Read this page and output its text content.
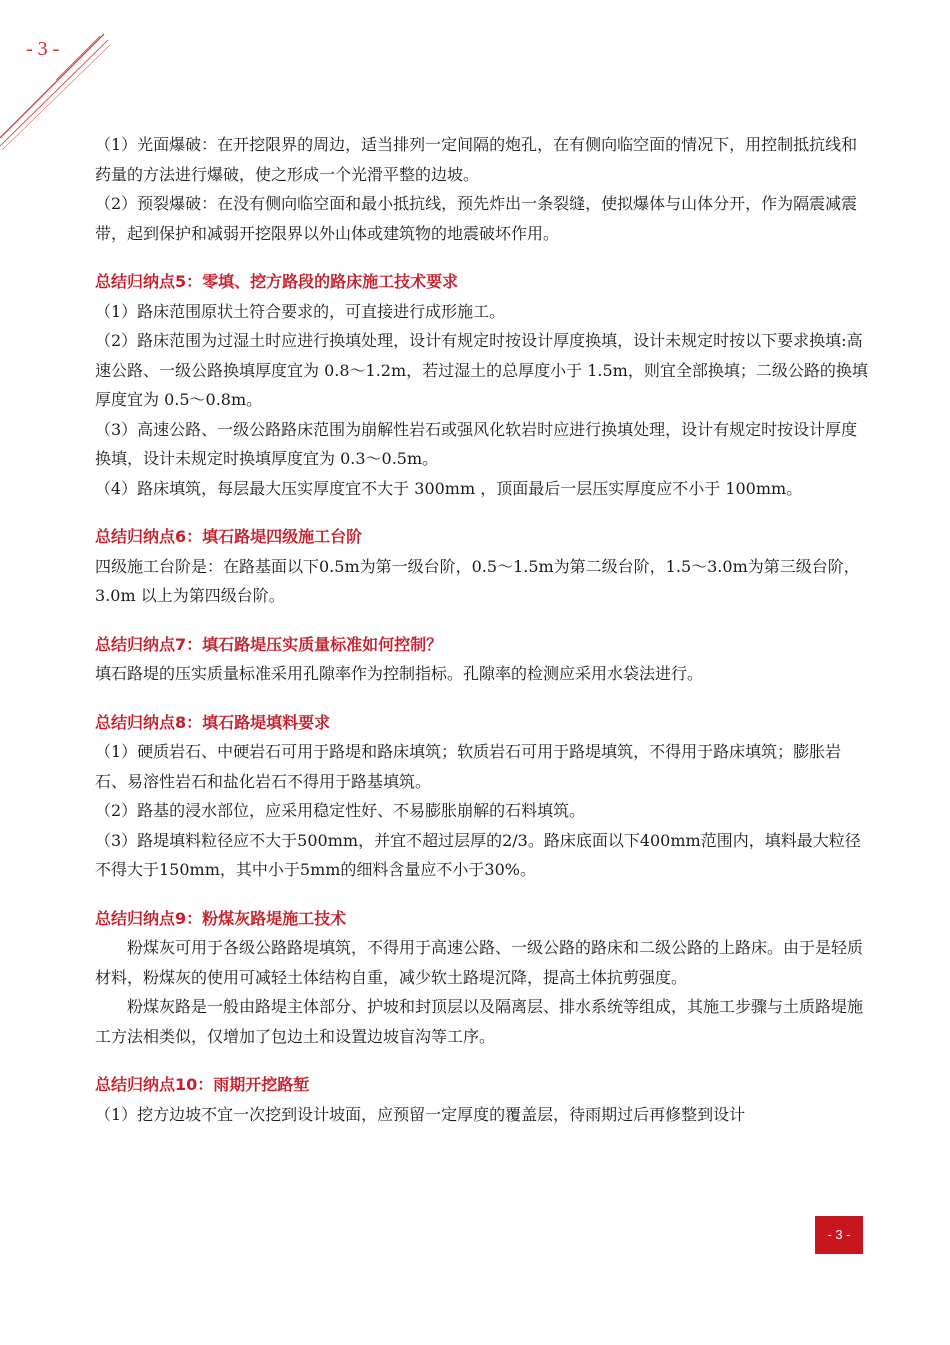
- 3 -

（1）光面爆破：在开挖限界的周边，适当排列一定间隔的炮孔，在有侧向临空面的情况下，用控制抵抗线和药量的方法进行爆破，使之形成一个光滑平整的边坡。

（2）预裂爆破：在没有侧向临空面和最小抵抗线，预先炸出一条裂缝，使拟爆体与山体分开，作为隔震减震带，起到保护和减弱开挖限界以外山体或建筑物的地震破坏作用。

总结归纳点5：零填、挖方路段的路床施工技术要求

（1）路床范围原状土符合要求的，可直接进行成形施工。

（2）路床范围为过湿土时应进行换填处理，设计有规定时按设计厚度换填，设计未规定时按以下要求换填:高速公路、一级公路换填厚度宜为 0.8～1.2m，若过湿土的总厚度小于 1.5m，则宜全部换填；二级公路的换填厚度宜为 0.5～0.8m。

（3）高速公路、一级公路路床范围为崩解性岩石或强风化软岩时应进行换填处理，设计有规定时按设计厚度换填，设计未规定时换填厚度宜为 0.3～0.5m。

（4）路床填筑，每层最大压实厚度宜不大于 300mm ，顶面最后一层压实厚度应不小于 100mm。

总结归纳点6：填石路堤四级施工台阶

四级施工台阶是：在路基面以下0.5m为第一级台阶，0.5～1.5m为第二级台阶，1.5～3.0m为第三级台阶，3.0m 以上为第四级台阶。

总结归纳点7：填石路堤压实质量标准如何控制？

填石路堤的压实质量标准采用孔隙率作为控制指标。孔隙率的检测应采用水袋法进行。

总结归纳点8：填石路堤填料要求

（1）硬质岩石、中硬岩石可用于路堤和路床填筑；软质岩石可用于路堤填筑，不得用于路床填筑；膨胀岩石、易溶性岩石和盐化岩石不得用于路基填筑。

（2）路基的浸水部位，应采用稳定性好、不易膨胀崩解的石料填筑。

（3）路堤填料粒径应不大于500mm，并宜不超过层厚的2/3。路床底面以下400mm范围内，填料最大粒径不得大于150mm，其中小于5mm的细料含量应不小于30%。

总结归纳点9：粉煤灰路堤施工技术

粉煤灰可用于各级公路路堤填筑，不得用于高速公路、一级公路的路床和二级公路的上路床。由于是轻质材料，粉煤灰的使用可减轻土体结构自重，减少软土路堤沉降，提高土体抗剪强度。

粉煤灰路是一般由路堤主体部分、护坡和封顶层以及隔离层、排水系统等组成，其施工步骤与土质路堤施工方法相类似，仅增加了包边土和设置边坡盲沟等工序。

总结归纳点10：雨期开挖路堑

（1）挖方边坡不宜一次挖到设计坡面，应预留一定厚度的覆盖层，待雨期过后再修整到设计

- 3 -
